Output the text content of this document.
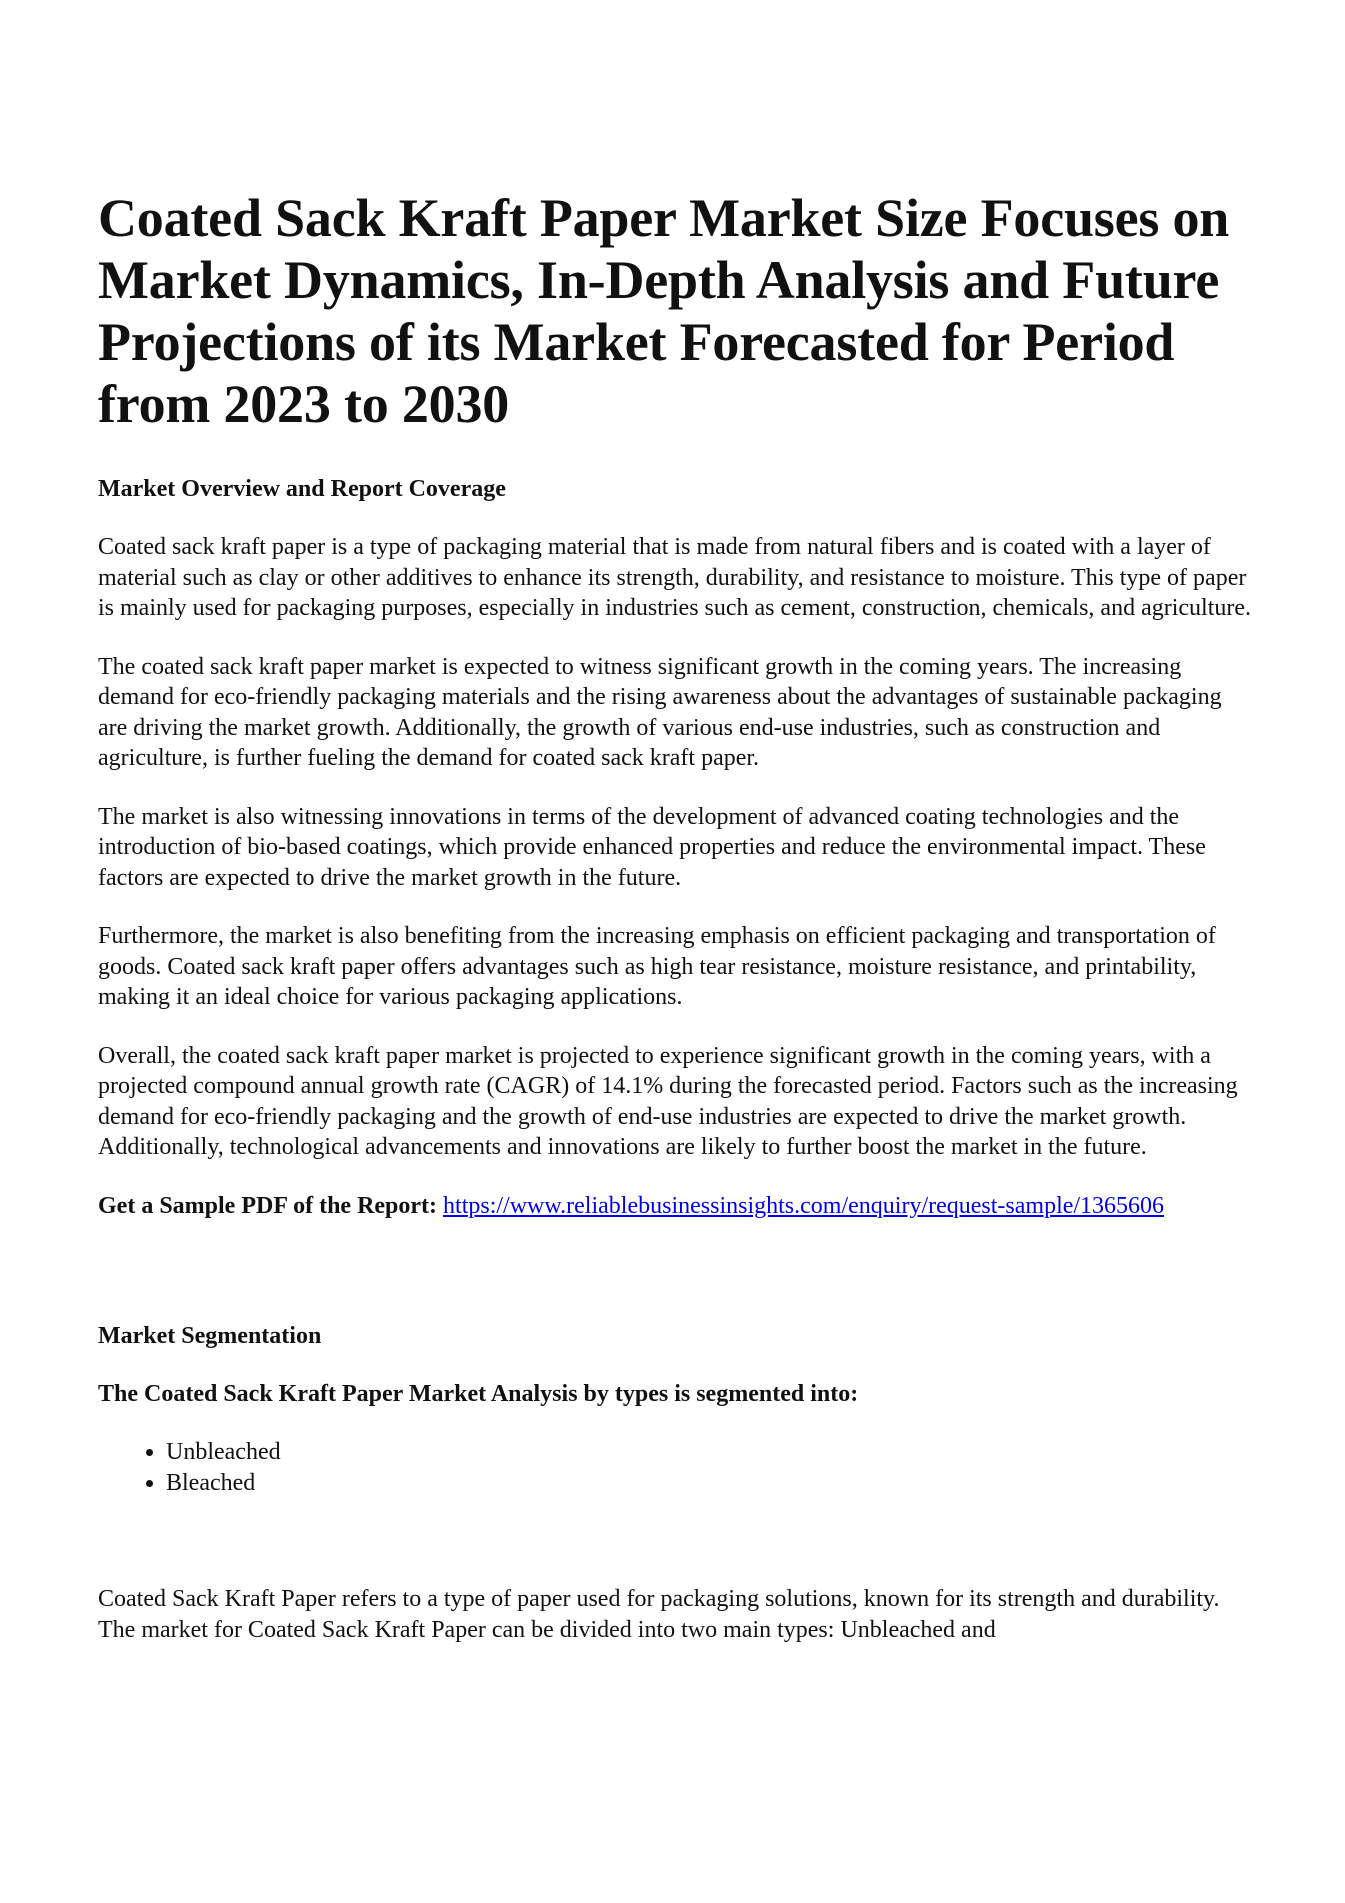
Coated Sack Kraft Paper Market Size Focuses on Market Dynamics, In-Depth Analysis and Future Projections of its Market Forecasted for Period from 2023 to 2030
Market Overview and Report Coverage

Coated sack kraft paper is a type of packaging material that is made from natural fibers and is coated with a layer of material such as clay or other additives to enhance its strength, durability, and resistance to moisture. This type of paper is mainly used for packaging purposes, especially in industries such as cement, construction, chemicals, and agriculture.

The coated sack kraft paper market is expected to witness significant growth in the coming years. The increasing demand for eco-friendly packaging materials and the rising awareness about the advantages of sustainable packaging are driving the market growth. Additionally, the growth of various end-use industries, such as construction and agriculture, is further fueling the demand for coated sack kraft paper.

The market is also witnessing innovations in terms of the development of advanced coating technologies and the introduction of bio-based coatings, which provide enhanced properties and reduce the environmental impact. These factors are expected to drive the market growth in the future.

Furthermore, the market is also benefiting from the increasing emphasis on efficient packaging and transportation of goods. Coated sack kraft paper offers advantages such as high tear resistance, moisture resistance, and printability, making it an ideal choice for various packaging applications.

Overall, the coated sack kraft paper market is projected to experience significant growth in the coming years, with a projected compound annual growth rate (CAGR) of 14.1% during the forecasted period. Factors such as the increasing demand for eco-friendly packaging and the growth of end-use industries are expected to drive the market growth. Additionally, technological advancements and innovations are likely to further boost the market in the future.

Get a Sample PDF of the Report: https://www.reliablebusinessinsights.com/enquiry/request-sample/1365606

Market Segmentation
The Coated Sack Kraft Paper Market Analysis by types is segmented into:
• Unbleached
• Bleached

Coated Sack Kraft Paper refers to a type of paper used for packaging solutions, known for its strength and durability. The market for Coated Sack Kraft Paper can be divided into two main types: Unbleached and
